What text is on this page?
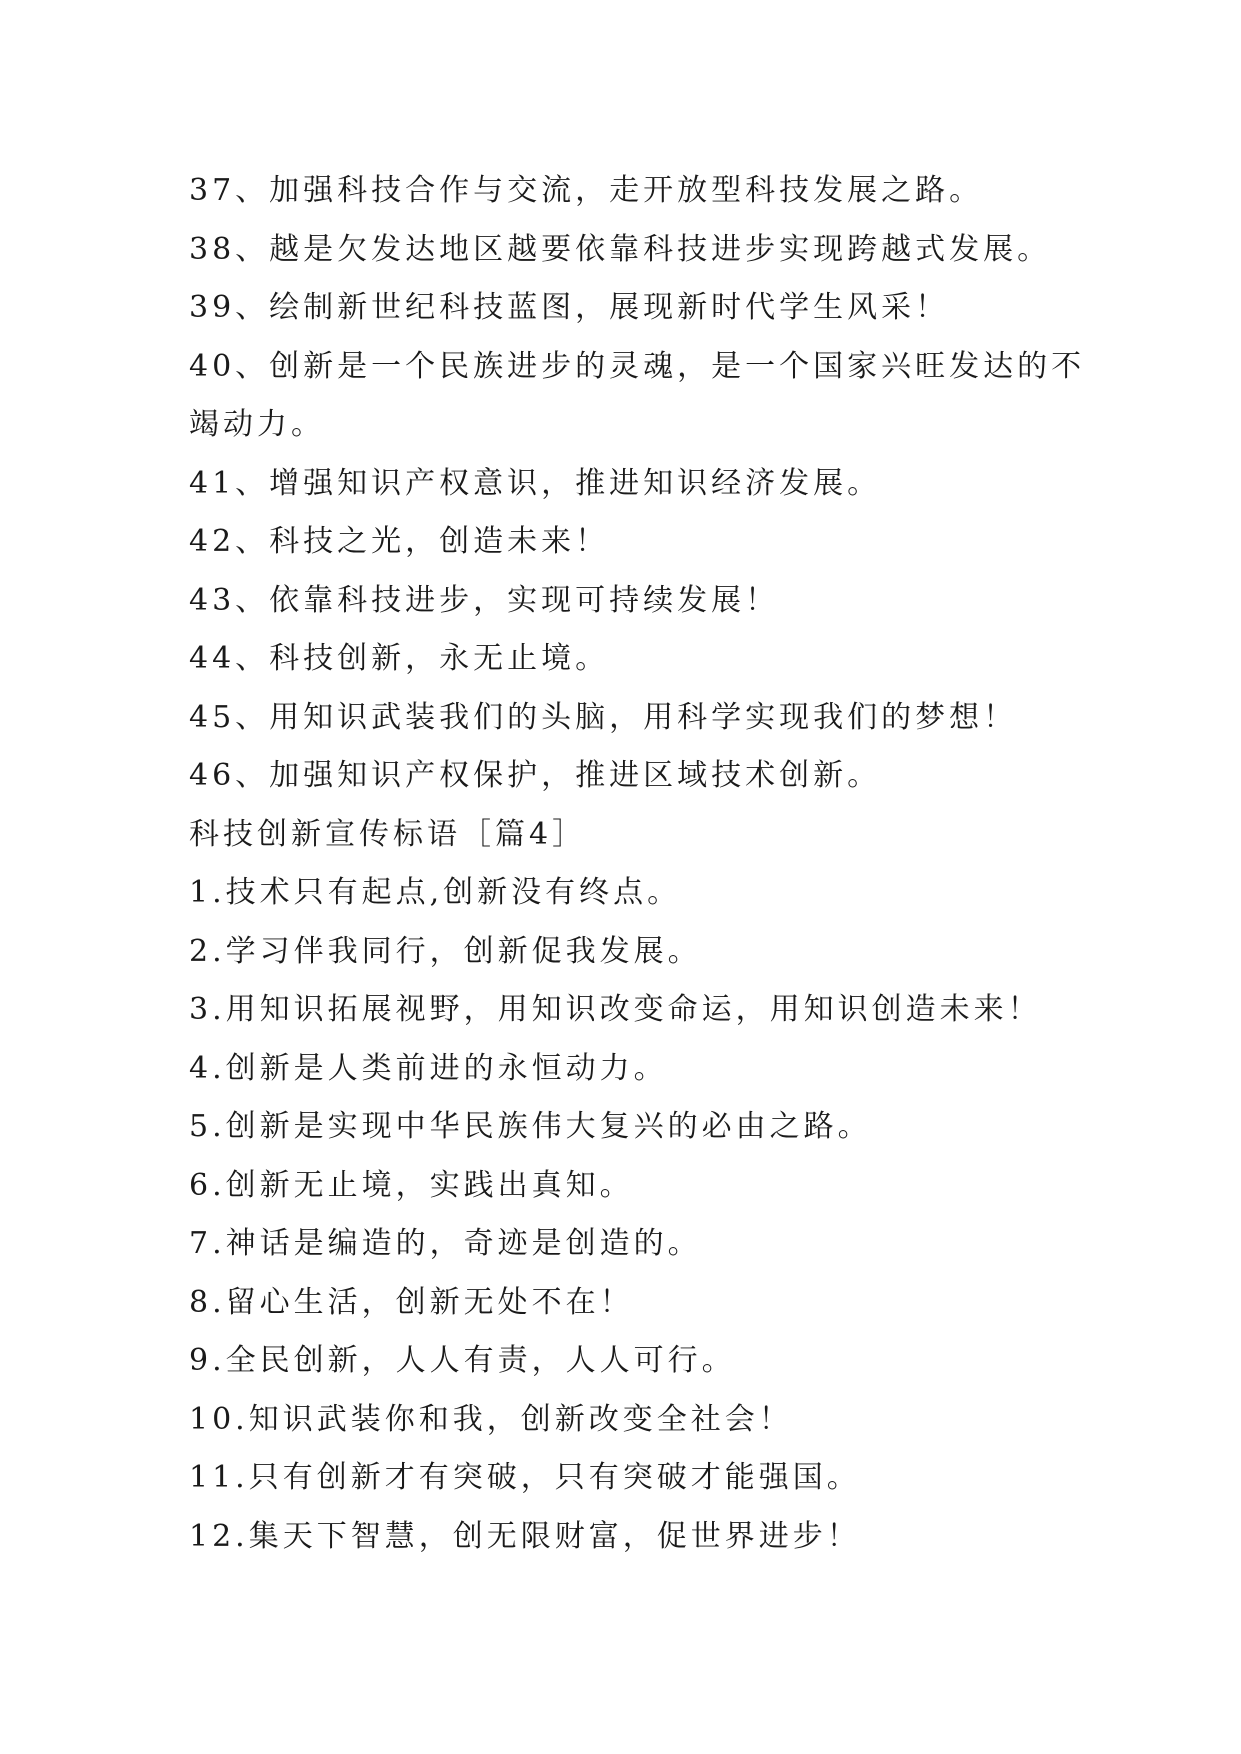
37、加强科技合作与交流，走开放型科技发展之路。
38、越是欠发达地区越要依靠科技进步实现跨越式发展。
39、绘制新世纪科技蓝图，展现新时代学生风采！
40、创新是一个民族进步的灵魂，是一个国家兴旺发达的不
竭动力。
41、增强知识产权意识，推进知识经济发展。
42、科技之光，创造未来！
43、依靠科技进步，实现可持续发展！
44、科技创新，永无止境。
45、用知识武装我们的头脑，用科学实现我们的梦想！
46、加强知识产权保护，推进区域技术创新。
科技创新宣传标语［篇4］
1.技术只有起点,创新没有终点。
2.学习伴我同行，创新促我发展。
3.用知识拓展视野，用知识改变命运，用知识创造未来！
4.创新是人类前进的永恒动力。
5.创新是实现中华民族伟大复兴的必由之路。
6.创新无止境，实践出真知。
7.神话是编造的，奇迹是创造的。
8.留心生活，创新无处不在！
9.全民创新，人人有责，人人可行。
10.知识武装你和我，创新改变全社会！
11.只有创新才有突破，只有突破才能强国。
12.集天下智慧，创无限财富，促世界进步！
